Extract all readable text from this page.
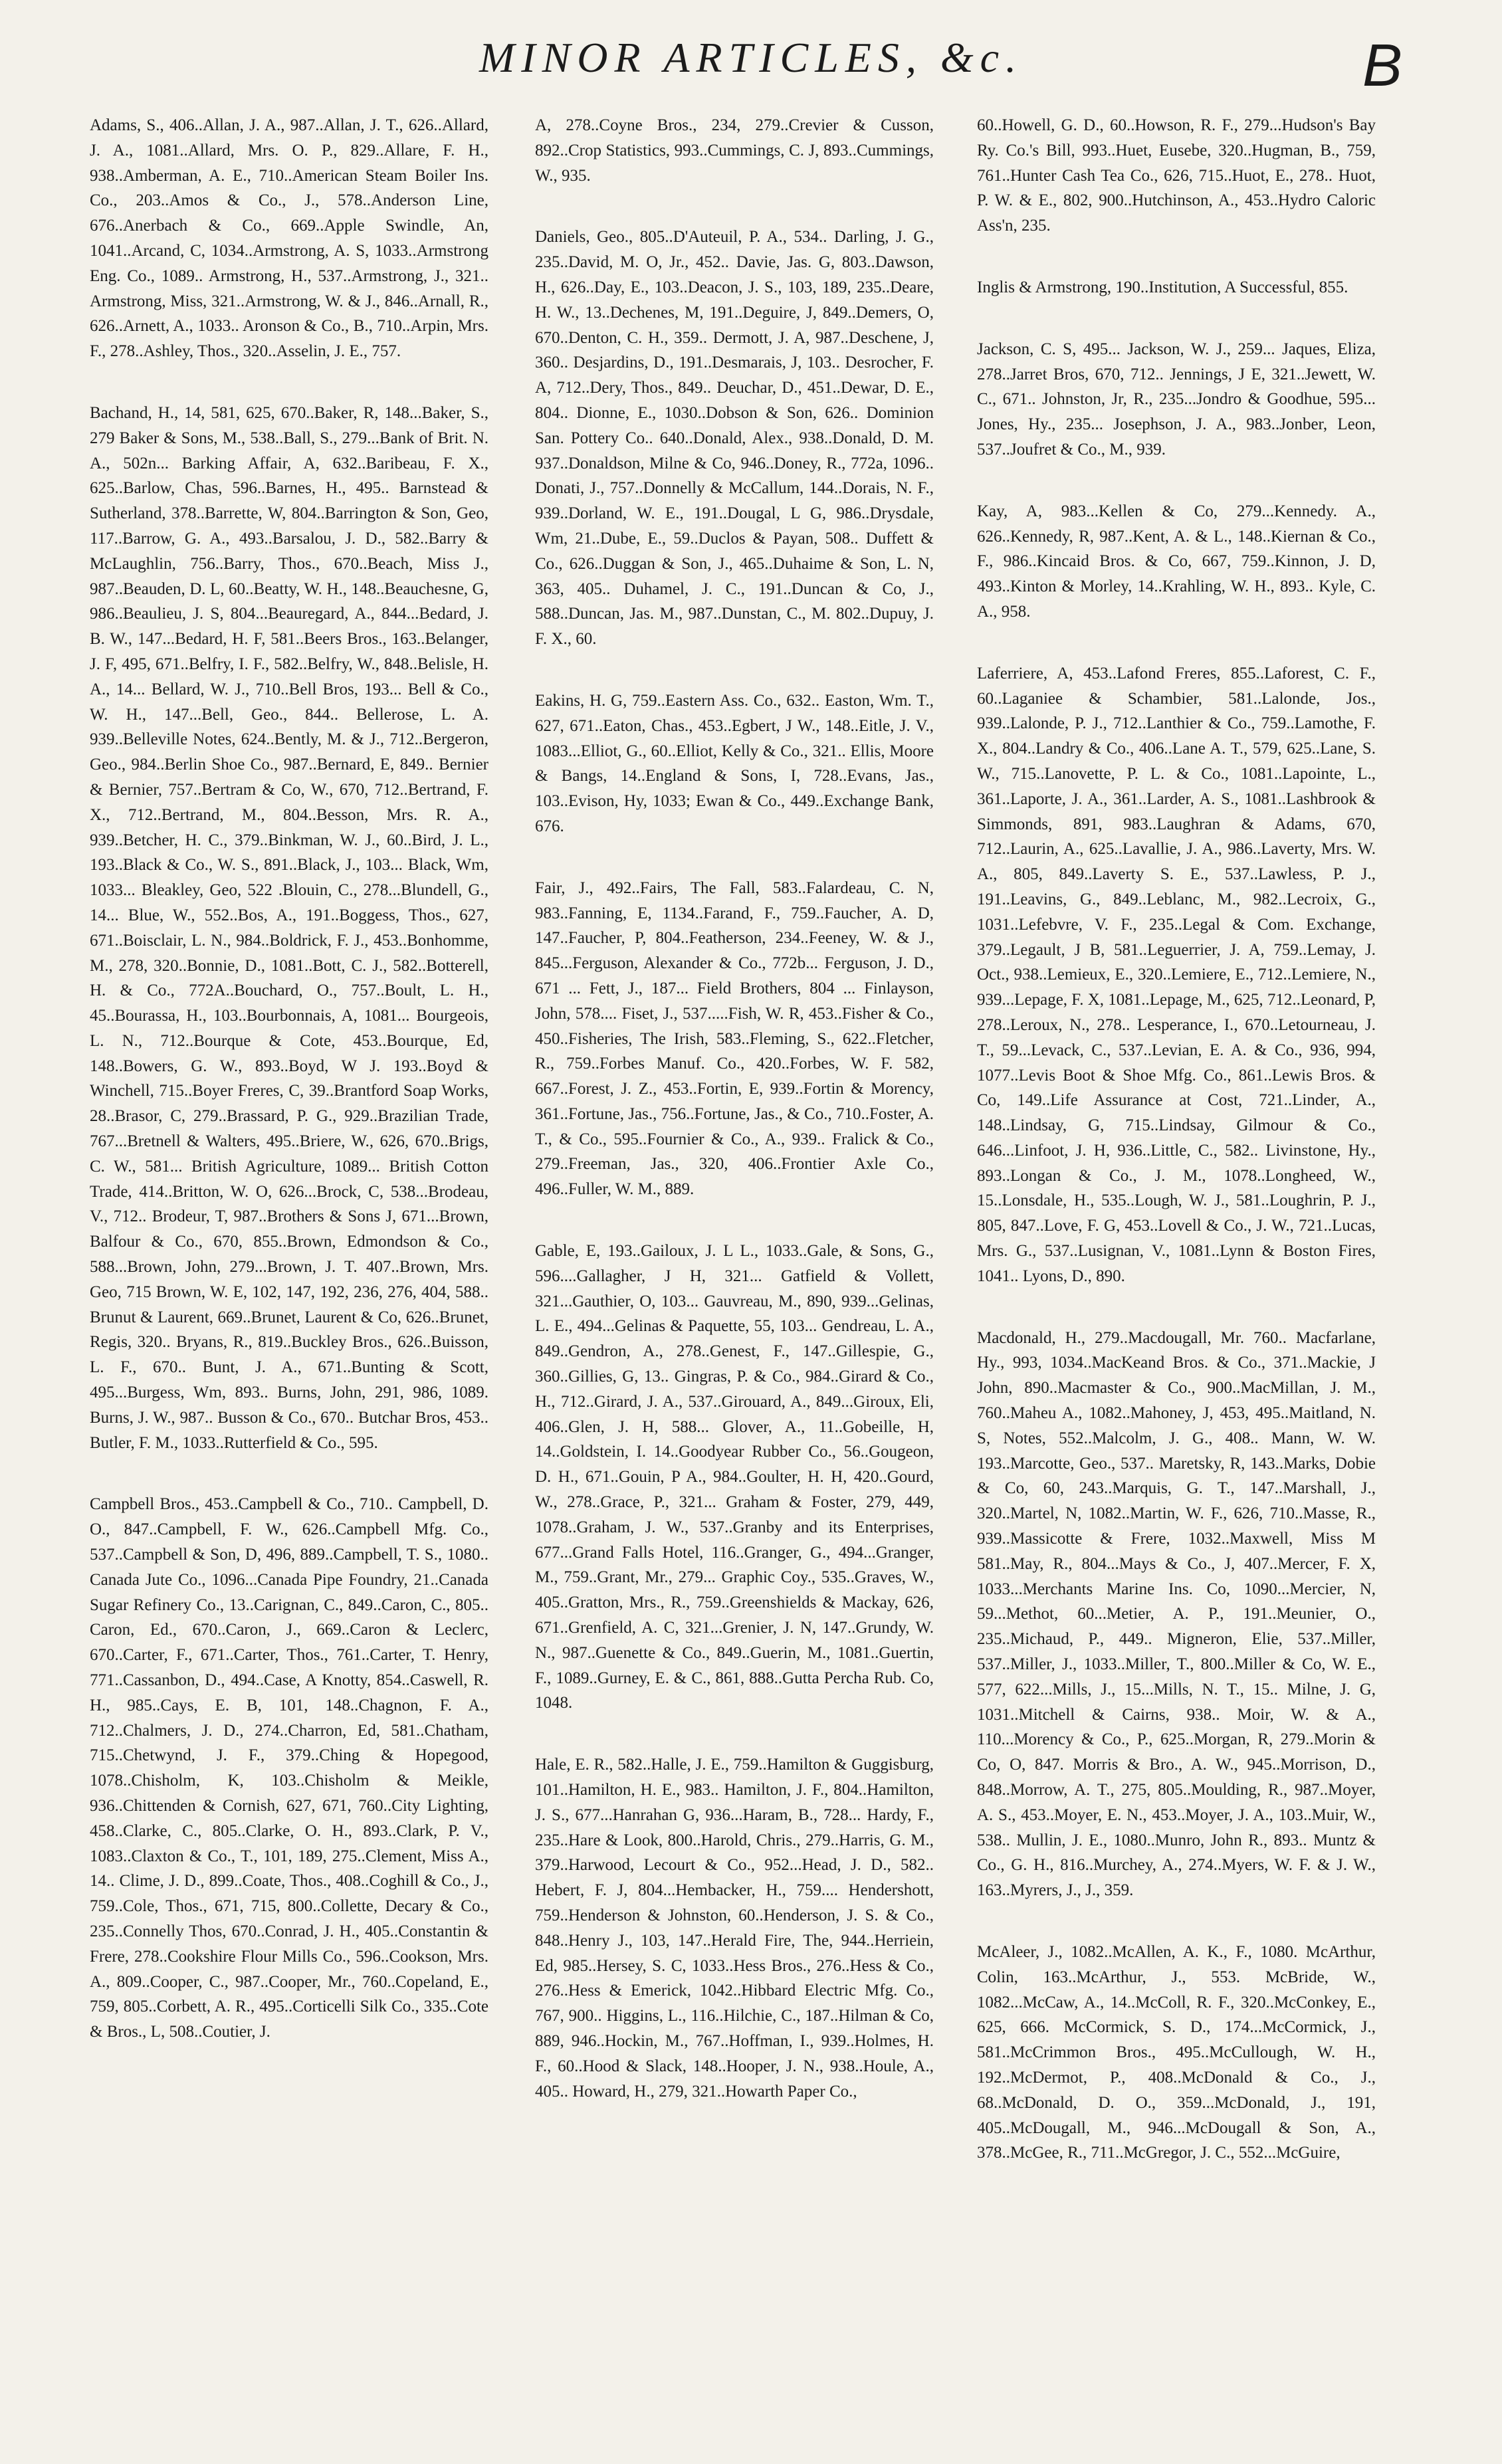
MINOR ARTICLES, &c.	B

Adams, S., 406..Allan, J. A., 987..Allan, J. T., 626..Allard, J. A., 1081..Allard, Mrs. O. P., 829..Allare, F. H., 938..Amberman, A. E., 710..American Steam Boiler Ins. Co., 203..Amos & Co., J., 578..Anderson Line, 676..Anerbach & Co., 669..Apple Swindle, An, 1041..Arcand, C, 1034..Armstrong, A. S, 1033..Armstrong Eng. Co., 1089.. Armstrong, H., 537..Armstrong, J., 321.. Armstrong, Miss, 321..Armstrong, W. & J., 846..Arnall, R., 626..Arnett, A., 1033.. Aronson & Co., B., 710..Arpin, Mrs. F., 278..Ashley, Thos., 320..Asselin, J. E., 757.

Bachand, H., 14, 581, 625, 670..Baker, R, 148...Baker, S., 279 Baker & Sons, M., 538..Ball, S., 279...Bank of Brit. N. A., 502n... Barking Affair, A, 632..Baribeau, F. X., 625..Barlow, Chas, 596..Barnes, H., 495.. Barnstead & Sutherland, 378..Barrette, W, 804..Barrington & Son, Geo, 117..Barrow, G. A., 493..Barsalou, J. D., 582..Barry & McLaughlin, 756..Barry, Thos., 670..Beach, Miss J., 987..Beauden, D. L, 60..Beatty, W. H., 148..Beauchesne, G, 986..Beaulieu, J. S, 804...Beauregard, A., 844...Bedard, J. B. W., 147...Bedard, H. F, 581..Beers Bros., 163..Belanger, J. F, 495, 671..Belfry, I. F., 582..Belfry, W., 848..Belisle, H. A., 14... Bellard, W. J., 710..Bell Bros, 193... Bell & Co., W. H., 147...Bell, Geo., 844.. Bellerose, L. A. 939..Belleville Notes, 624..Bently, M. & J., 712..Bergeron, Geo., 984..Berlin Shoe Co., 987..Bernard, E, 849.. Bernier & Bernier, 757..Bertram & Co, W., 670, 712..Bertrand, F. X., 712..Bertrand, M., 804..Besson, Mrs. R. A., 939..Betcher, H. C., 379..Binkman, W. J., 60..Bird, J. L., 193..Black & Co., W. S., 891..Black, J., 103... Black, Wm, 1033... Bleakley, Geo, 522 .Blouin, C., 278...Blundell, G., 14... Blue, W., 552..Bos, A., 191..Boggess, Thos., 627, 671..Boisclair, L. N., 984..Boldrick, F. J., 453..Bonhomme, M., 278, 320..Bonnie, D., 1081..Bott, C. J., 582..Botterell, H. & Co., 772A..Bouchard, O., 757..Boult, L. H., 45..Bourassa, H., 103..Bourbonnais, A, 1081... Bourgeois, L. N., 712..Bourque & Cote, 453..Bourque, Ed, 148..Bowers, G. W., 893..Boyd, W J. 193..Boyd & Winchell, 715..Boyer Freres, C, 39..Brantford Soap Works, 28..Brasor, C, 279..Brassard, P. G., 929..Brazilian Trade, 767...Bretnell & Walters, 495..Briere, W., 626, 670..Brigs, C. W., 581... British Agriculture, 1089... British Cotton Trade, 414..Britton, W. O, 626...Brock, C, 538...Brodeau, V., 712.. Brodeur, T, 987..Brothers & Sons J, 671...Brown, Balfour & Co., 670, 855..Brown, Edmondson & Co., 588...Brown, John, 279...Brown, J. T. 407..Brown, Mrs. Geo, 715 Brown, W. E, 102, 147, 192, 236, 276, 404, 588.. Brunut & Laurent, 669..Brunet, Laurent & Co, 626..Brunet, Regis, 320.. Bryans, R., 819..Buckley Bros., 626..Buisson, L. F., 670.. Bunt, J. A., 671..Bunting & Scott, 495...Burgess, Wm, 893.. Burns, John, 291, 986, 1089. Burns, J. W., 987.. Busson & Co., 670.. Butchar Bros, 453.. Butler, F. M., 1033..Rutterfield & Co., 595.

Campbell Bros., 453..Campbell & Co., 710.. Campbell, D. O., 847..Campbell, F. W., 626..Campbell Mfg. Co., 537..Campbell & Son, D, 496, 889..Campbell, T. S., 1080.. Canada Jute Co., 1096...Canada Pipe Foundry, 21..Canada Sugar Refinery Co., 13..Carignan, C., 849..Caron, C., 805.. Caron, Ed., 670..Caron, J., 669..Caron & Leclerc, 670..Carter, F., 671..Carter, Thos., 761..Carter, T. Henry, 771..Cassanbon, D., 494..Case, A Knotty, 854..Caswell, R. H., 985..Cays, E. B, 101, 148..Chagnon, F. A., 712..Chalmers, J. D., 274..Charron, Ed, 581..Chatham, 715..Chetwynd, J. F., 379..Ching & Hopegood, 1078..Chisholm, K, 103..Chisholm & Meikle, 936..Chittenden & Cornish, 627, 671, 760..City Lighting, 458..Clarke, C., 805..Clarke, O. H., 893..Clark, P. V., 1083..Claxton & Co., T., 101, 189, 275..Clement, Miss A., 14.. Clime, J. D., 899..Coate, Thos., 408..Coghill & Co., J., 759..Cole, Thos., 671, 715, 800..Collette, Decary & Co., 235..Connelly Thos, 670..Conrad, J. H., 405..Constantin & Frere, 278..Cookshire Flour Mills Co., 596..Cookson, Mrs. A., 809..Cooper, C., 987..Cooper, Mr., 760..Copeland, E., 759, 805..Corbett, A. R., 495..Corticelli Silk Co., 335..Cote & Bros., L, 508..Coutier, J.

A, 278..Coyne Bros., 234, 279..Crevier & Cusson, 892..Crop Statistics, 993..Cummings, C. J, 893..Cummings, W., 935.

Daniels, Geo., 805..D'Auteuil, P. A., 534.. Darling, J. G., 235..David, M. O, Jr., 452.. Davie, Jas. G, 803..Dawson, H., 626..Day, E., 103..Deacon, J. S., 103, 189, 235..Deare, H. W., 13..Dechenes, M, 191..Deguire, J, 849..Demers, O, 670..Denton, C. H., 359.. Dermott, J. A, 987..Deschene, J, 360.. Desjardins, D., 191..Desmarais, J, 103.. Desrocher, F. A, 712..Dery, Thos., 849.. Deuchar, D., 451..Dewar, D. E., 804.. Dionne, E., 1030..Dobson & Son, 626.. Dominion San. Pottery Co.. 640..Donald, Alex., 938..Donald, D. M. 937..Donaldson, Milne & Co, 946..Doney, R., 772a, 1096.. Donati, J., 757..Donnelly & McCallum, 144..Dorais, N. F., 939..Dorland, W. E., 191..Dougal, L G, 986..Drysdale, Wm, 21..Dube, E., 59..Duclos & Payan, 508.. Duffett & Co., 626..Duggan & Son, J., 465..Duhaime & Son, L. N, 363, 405.. Duhamel, J. C., 191..Duncan & Co, J., 588..Duncan, Jas. M., 987..Dunstan, C., M. 802..Dupuy, J. F. X., 60.

Eakins, H. G, 759..Eastern Ass. Co., 632.. Easton, Wm. T., 627, 671..Eaton, Chas., 453..Egbert, J W., 148..Eitle, J. V., 1083...Elliot, G., 60..Elliot, Kelly & Co., 321.. Ellis, Moore & Bangs, 14..England & Sons, I, 728..Evans, Jas., 103..Evison, Hy, 1033; Ewan & Co., 449..Exchange Bank, 676.

Fair, J., 492..Fairs, The Fall, 583..Falardeau, C. N, 983..Fanning, E, 1134..Farand, F., 759..Faucher, A. D, 147..Faucher, P, 804..Featherson, 234..Feeney, W. & J., 845...Ferguson, Alexander & Co., 772b... Ferguson, J. D., 671 ... Fett, J., 187... Field Brothers, 804 ... Finlayson, John, 578.... Fiset, J., 537.....Fish, W. R, 453..Fisher & Co., 450..Fisheries, The Irish, 583..Fleming, S., 622..Fletcher, R., 759..Forbes Manuf. Co., 420..Forbes, W. F. 582, 667..Forest, J. Z., 453..Fortin, E, 939..Fortin & Morency, 361..Fortune, Jas., 756..Fortune, Jas., & Co., 710..Foster, A. T., & Co., 595..Fournier & Co., A., 939.. Fralick & Co., 279..Freeman, Jas., 320, 406..Frontier Axle Co., 496..Fuller, W. M., 889.

Gable, E, 193..Gailoux, J. L L., 1033..Gale, & Sons, G., 596....Gallagher, J H, 321... Gatfield & Vollett, 321...Gauthier, O, 103... Gauvreau, M., 890, 939...Gelinas, L. E., 494...Gelinas & Paquette, 55, 103... Gendreau, L. A., 849..Gendron, A., 278..Genest, F., 147..Gillespie, G., 360..Gillies, G, 13.. Gingras, P. & Co., 984..Girard & Co., H., 712..Girard, J. A., 537..Girouard, A., 849...Giroux, Eli, 406..Glen, J. H, 588... Glover, A., 11..Gobeille, H, 14..Goldstein, I. 14..Goodyear Rubber Co., 56..Gougeon, D. H., 671..Gouin, P A., 984..Goulter, H. H, 420..Gourd, W., 278..Grace, P., 321... Graham & Foster, 279, 449, 1078..Graham, J. W., 537..Granby and its Enterprises, 677...Grand Falls Hotel, 116..Granger, G., 494...Granger, M., 759..Grant, Mr., 279... Graphic Coy., 535..Graves, W., 405..Gratton, Mrs., R., 759..Greenshields & Mackay, 626, 671..Grenfield, A. C, 321...Grenier, J. N, 147..Grundy, W. N., 987..Guenette & Co., 849..Guerin, M., 1081..Guertin, F., 1089..Gurney, E. & C., 861, 888..Gutta Percha Rub. Co, 1048.

Hale, E. R., 582..Halle, J. E., 759..Hamilton & Guggisburg, 101..Hamilton, H. E., 983.. Hamilton, J. F., 804..Hamilton, J. S., 677...Hanrahan G, 936...Haram, B., 728... Hardy, F., 235..Hare & Look, 800..Harold, Chris., 279..Harris, G. M., 379..Harwood, Lecourt & Co., 952...Head, J. D., 582.. Hebert, F. J, 804...Hembacker, H., 759.... Hendershott, 759..Henderson & Johnston, 60..Henderson, J. S. & Co., 848..Henry J., 103, 147..Herald Fire, The, 944..Herriein, Ed, 985..Hersey, S. C, 1033..Hess Bros., 276..Hess & Co., 276..Hess & Emerick, 1042..Hibbard Electric Mfg. Co., 767, 900.. Higgins, L., 116..Hilchie, C., 187..Hilman & Co, 889, 946..Hockin, M., 767..Hoffman, I., 939..Holmes, H. F., 60..Hood & Slack, 148..Hooper, J. N., 938..Houle, A., 405.. Howard, H., 279, 321..Howarth Paper Co.,

60..Howell, G. D., 60..Howson, R. F., 279...Hudson's Bay Ry. Co.'s Bill, 993..Huet, Eusebe, 320..Hugman, B., 759, 761..Hunter Cash Tea Co., 626, 715..Huot, E., 278.. Huot, P. W. & E., 802, 900..Hutchinson, A., 453..Hydro Caloric Ass'n, 235.

Inglis & Armstrong, 190..Institution, A Successful, 855.

Jackson, C. S, 495... Jackson, W. J., 259... Jaques, Eliza, 278..Jarret Bros, 670, 712.. Jennings, J E, 321..Jewett, W. C., 671.. Johnston, Jr, R., 235...Jondro & Goodhue, 595... Jones, Hy., 235... Josephson, J. A., 983..Jonber, Leon, 537..Joufret & Co., M., 939.

Kay, A, 983...Kellen & Co, 279...Kennedy. A., 626..Kennedy, R, 987..Kent, A. & L., 148..Kiernan & Co., F., 986..Kincaid Bros. & Co, 667, 759..Kinnon, J. D, 493..Kinton & Morley, 14..Krahling, W. H., 893.. Kyle, C. A., 958.

Laferriere, A, 453..Lafond Freres, 855..Laforest, C. F., 60..Laganiee & Schambier, 581..Lalonde, Jos., 939..Lalonde, P. J., 712..Lanthier & Co., 759..Lamothe, F. X., 804..Landry & Co., 406..Lane A. T., 579, 625..Lane, S. W., 715..Lanovette, P. L. & Co., 1081..Lapointe, L., 361..Laporte, J. A., 361..Larder, A. S., 1081..Lashbrook & Simmonds, 891, 983..Laughran & Adams, 670, 712..Laurin, A., 625..Lavallie, J. A., 986..Laverty, Mrs. W. A., 805, 849..Laverty S. E., 537..Lawless, P. J., 191..Leavins, G., 849..Leblanc, M., 982..Lecroix, G., 1031..Lefebvre, V. F., 235..Legal & Com. Exchange, 379..Legault, J B, 581..Leguerrier, J. A, 759..Lemay, J. Oct., 938..Lemieux, E., 320..Lemiere, E., 712..Lemiere, N., 939...Lepage, F. X, 1081..Lepage, M., 625, 712..Leonard, P, 278..Leroux, N., 278.. Lesperance, I., 670..Letourneau, J. T., 59...Levack, C., 537..Levian, E. A. & Co., 936, 994, 1077..Levis Boot & Shoe Mfg. Co., 861..Lewis Bros. & Co, 149..Life Assurance at Cost, 721..Linder, A., 148..Lindsay, G, 715..Lindsay, Gilmour & Co., 646...Linfoot, J. H, 936..Little, C., 582.. Livinstone, Hy., 893..Longan & Co., J. M., 1078..Longheed, W., 15..Lonsdale, H., 535..Lough, W. J., 581..Loughrin, P. J., 805, 847..Love, F. G, 453..Lovell & Co., J. W., 721..Lucas, Mrs. G., 537..Lusignan, V., 1081..Lynn & Boston Fires, 1041.. Lyons, D., 890.

Macdonald, H., 279..Macdougall, Mr. 760.. Macfarlane, Hy., 993, 1034..MacKeand Bros. & Co., 371..Mackie, J John, 890..Macmaster & Co., 900..MacMillan, J. M., 760..Maheu A., 1082..Mahoney, J, 453, 495..Maitland, N. S, Notes, 552..Malcolm, J. G., 408.. Mann, W. W. 193..Marcotte, Geo., 537.. Maretsky, R, 143..Marks, Dobie & Co, 60, 243..Marquis, G. T., 147..Marshall, J., 320..Martel, N, 1082..Martin, W. F., 626, 710..Masse, R., 939..Massicotte & Frere, 1032..Maxwell, Miss M 581..May, R., 804...Mays & Co., J, 407..Mercer, F. X, 1033...Merchants Marine Ins. Co, 1090...Mercier, N, 59...Methot, 60...Metier, A. P., 191..Meunier, O., 235..Michaud, P., 449.. Migneron, Elie, 537..Miller, 537..Miller, J., 1033..Miller, T., 800..Miller & Co, W. E., 577, 622...Mills, J., 15...Mills, N. T., 15.. Milne, J. G, 1031..Mitchell & Cairns, 938.. Moir, W. & A., 110...Morency & Co., P., 625..Morgan, R, 279..Morin & Co, O, 847. Morris & Bro., A. W., 945..Morrison, D., 848..Morrow, A. T., 275, 805..Moulding, R., 987..Moyer, A. S., 453..Moyer, E. N., 453..Moyer, J. A., 103..Muir, W., 538.. Mullin, J. E., 1080..Munro, John R., 893.. Muntz & Co., G. H., 816..Murchey, A., 274..Myers, W. F. & J. W., 163..Myrers, J., J., 359.

McAleer, J., 1082..McAllen, A. K., F., 1080. McArthur, Colin, 163..McArthur, J., 553. McBride, W., 1082...McCaw, A., 14..McColl, R. F., 320..McConkey, E., 625, 666. McCormick, S. D., 174...McCormick, J., 581..McCrimmon Bros., 495..McCullough, W. H., 192..McDermot, P., 408..McDonald & Co., J., 68..McDonald, D. O., 359...McDonald, J., 191, 405..McDougall, M., 946...McDougall & Son, A., 378..McGee, R., 711..McGregor, J. C., 552...McGuire,
